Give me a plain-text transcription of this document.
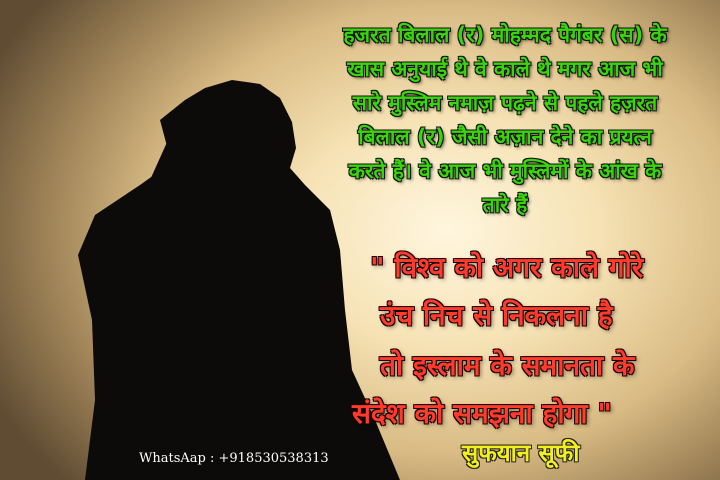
हजरत बिलाल (र) मोहम्मद पैगंबर (स) के
खास अनुयाई थे वे काले थे मगर आज भी
सारे मुस्लिम नमाज़ पढ़ने से पहले हज़रत
बिलाल (र) जैसी अज़ान देने का प्रयत्न
करते हैं। वे आज भी मुस्लिमों के आंख के
तारे हैं

" विश्व को अगर काले गोरे
उंच निच से निकलना है
तो इस्लाम के समानता के
संदेश को समझना होगा "
सुफयान सूफी
WhatsAap : +918530538313
